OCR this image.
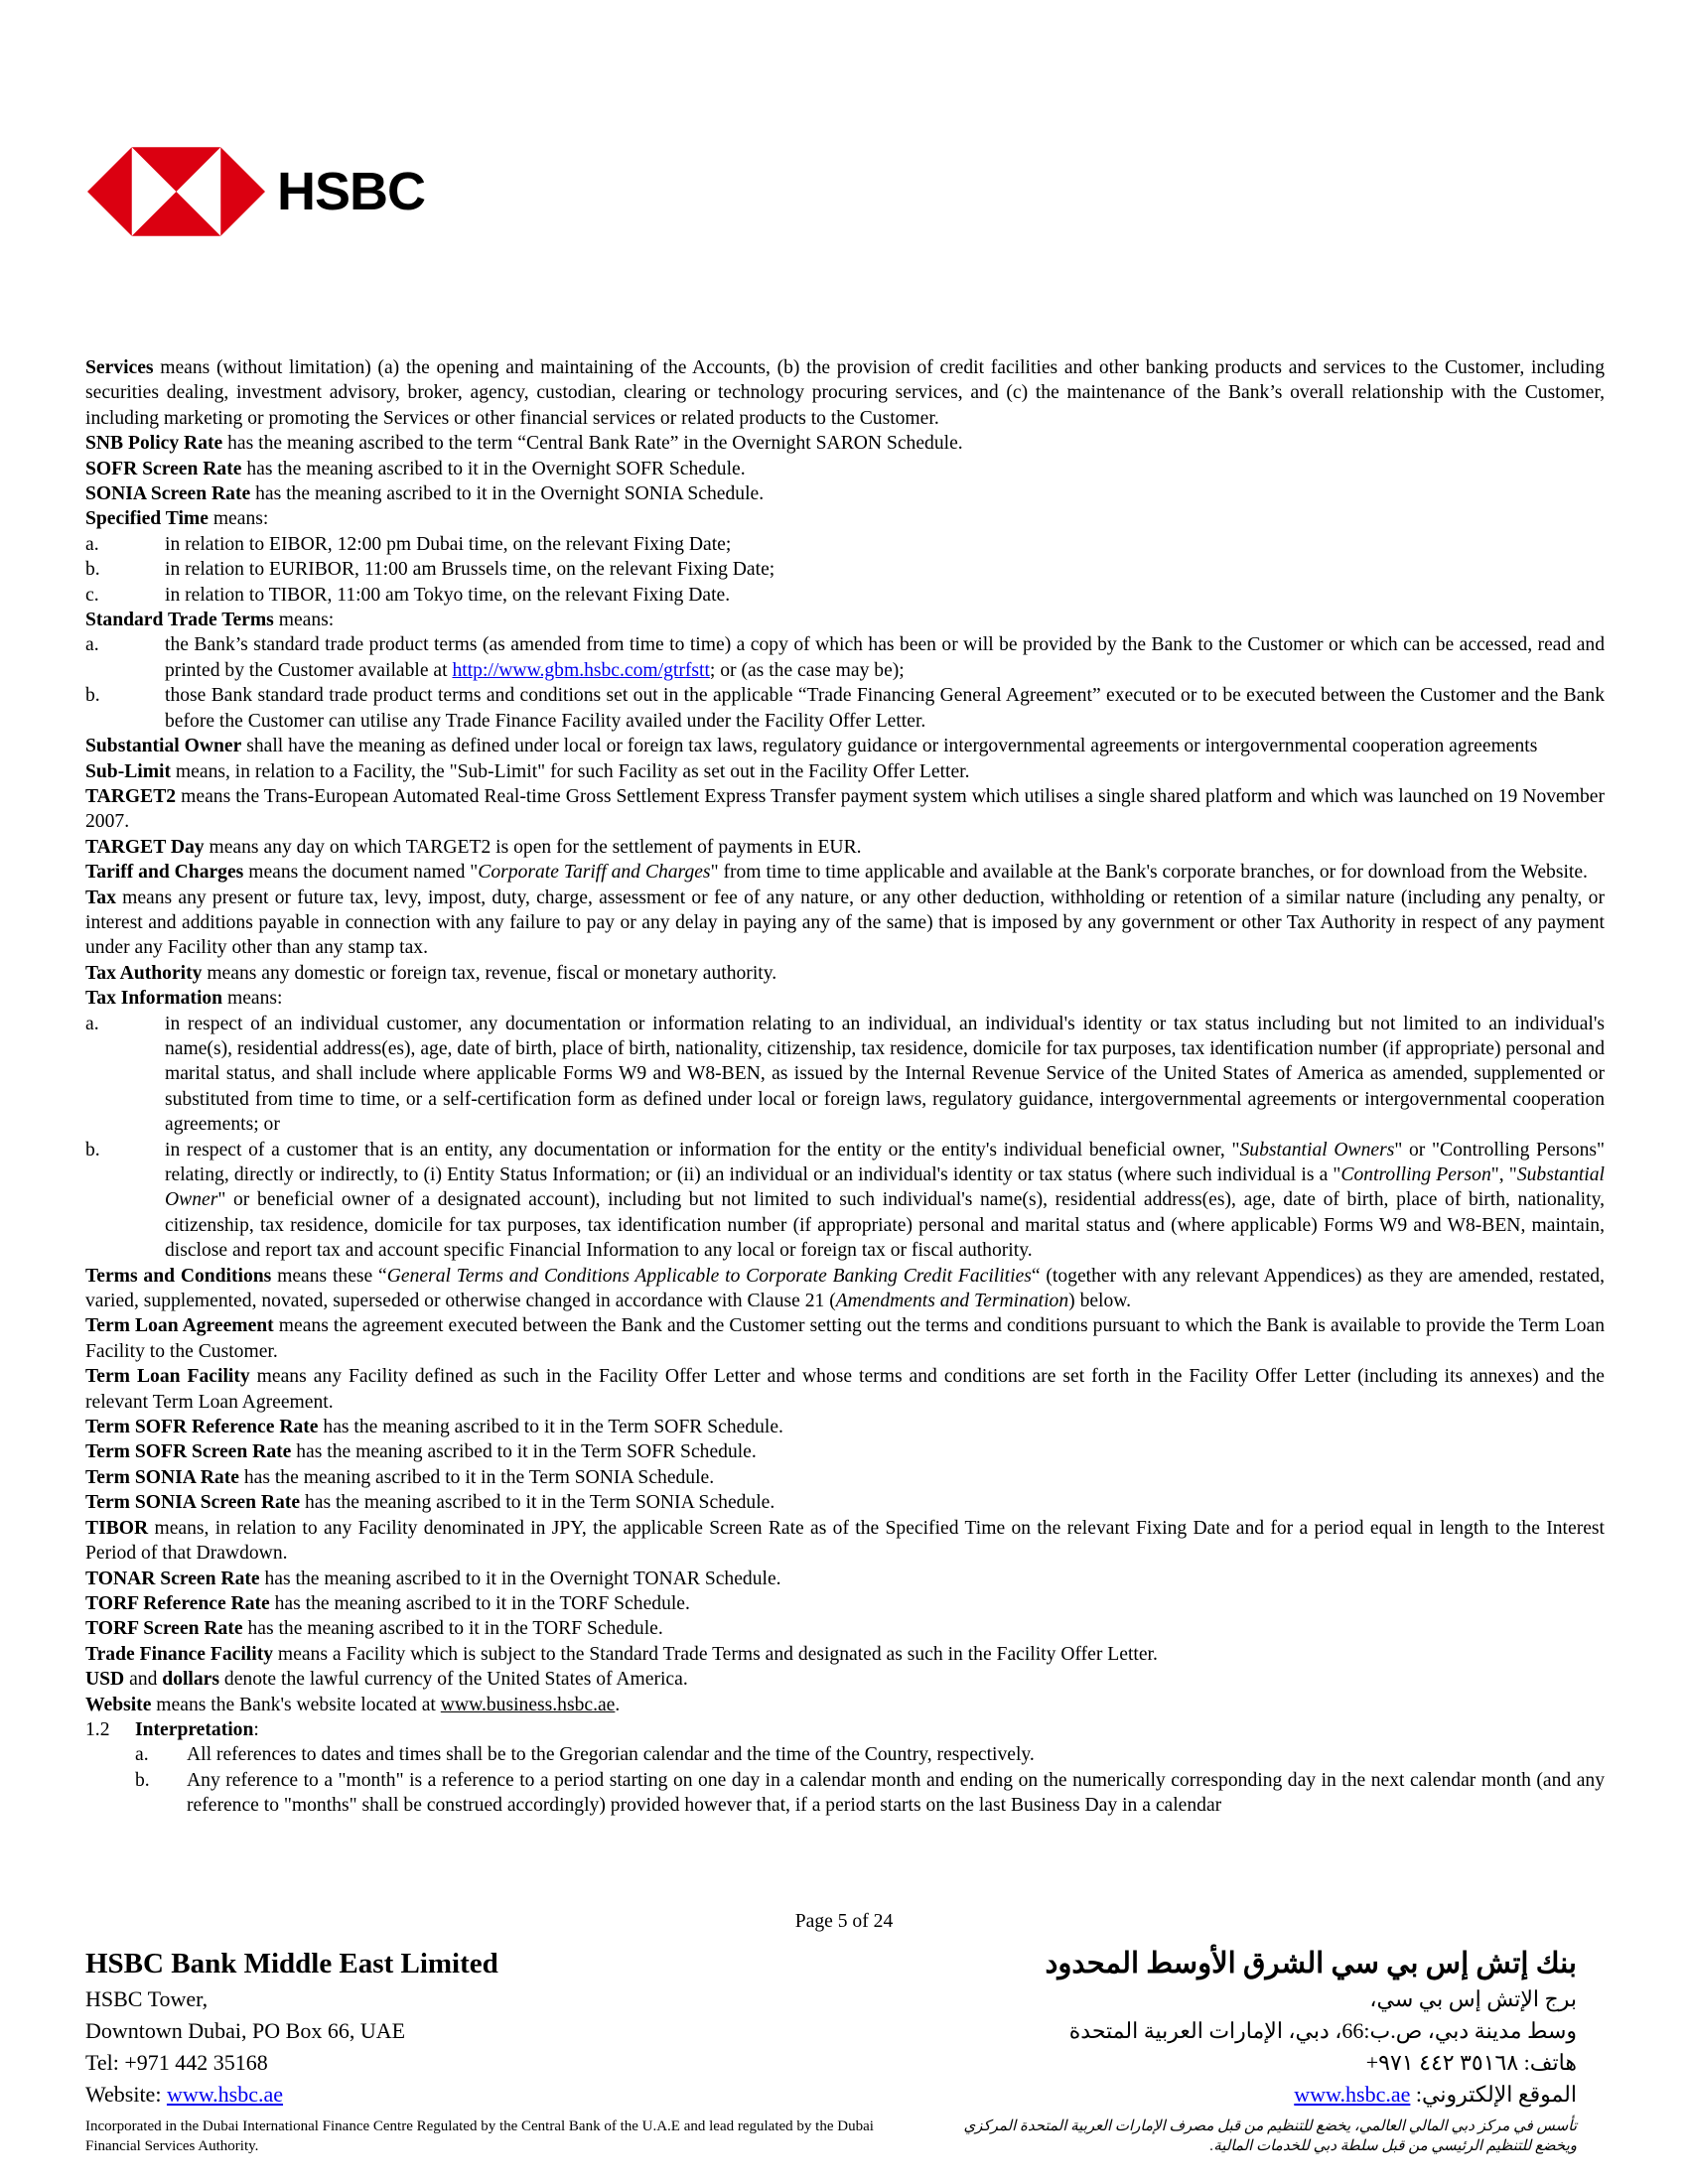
HSBC

Services means (without limitation) (a) the opening and maintaining of the Accounts, (b) the provision of credit facilities and other banking products and services to the Customer, including securities dealing, investment advisory, broker, agency, custodian, clearing or technology procuring services, and (c) the maintenance of the Bank’s overall relationship with the Customer, including marketing or promoting the Services or other financial services or related products to the Customer.

SNB Policy Rate has the meaning ascribed to the term “Central Bank Rate” in the Overnight SARON Schedule.

SOFR Screen Rate has the meaning ascribed to it in the Overnight SOFR Schedule.

SONIA Screen Rate has the meaning ascribed to it in the Overnight SONIA Schedule.

Specified Time means:

a.	in relation to EIBOR, 12:00 pm Dubai time, on the relevant Fixing Date;
b.	in relation to EURIBOR, 11:00 am Brussels time, on the relevant Fixing Date;
c.	in relation to TIBOR, 11:00 am Tokyo time, on the relevant Fixing Date.

Standard Trade Terms means:

a.	the Bank’s standard trade product terms (as amended from time to time) a copy of which has been or will be provided by the Bank to the Customer or which can be accessed, read and printed by the Customer available at http://www.gbm.hsbc.com/gtrfstt; or (as the case may be);
b.	those Bank standard trade product terms and conditions set out in the applicable “Trade Financing General Agreement” executed or to be executed between the Customer and the Bank before the Customer can utilise any Trade Finance Facility availed under the Facility Offer Letter.

Substantial Owner shall have the meaning as defined under local or foreign tax laws, regulatory guidance or intergovernmental agreements or intergovernmental cooperation agreements

Sub-Limit means, in relation to a Facility, the "Sub-Limit" for such Facility as set out in the Facility Offer Letter.

TARGET2 means the Trans-European Automated Real-time Gross Settlement Express Transfer payment system which utilises a single shared platform and which was launched on 19 November 2007.

TARGET Day means any day on which TARGET2 is open for the settlement of payments in EUR.

Tariff and Charges means the document named "Corporate Tariff and Charges" from time to time applicable and available at the Bank's corporate branches, or for download from the Website.

Tax means any present or future tax, levy, impost, duty, charge, assessment or fee of any nature, or any other deduction, withholding or retention of a similar nature (including any penalty, or interest and additions payable in connection with any failure to pay or any delay in paying any of the same) that is imposed by any government or other Tax Authority in respect of any payment under any Facility other than any stamp tax.

Tax Authority means any domestic or foreign tax, revenue, fiscal or monetary authority.

Tax Information means:

a.	in respect of an individual customer, any documentation or information relating to an individual, an individual's identity or tax status including but not limited to an individual's name(s), residential address(es), age, date of birth, place of birth, nationality, citizenship, tax residence, domicile for tax purposes, tax identification number (if appropriate) personal and marital status, and shall include where applicable Forms W9 and W8-BEN, as issued by the Internal Revenue Service of the United States of America as amended, supplemented or substituted from time to time, or a self-certification form as defined under local or foreign laws, regulatory guidance, intergovernmental agreements or intergovernmental cooperation agreements; or
b.	in respect of a customer that is an entity, any documentation or information for the entity or the entity's individual beneficial owner, "Substantial Owners" or "Controlling Persons" relating, directly or indirectly, to (i) Entity Status Information; or (ii) an individual or an individual's identity or tax status (where such individual is a "Controlling Person", "Substantial Owner" or beneficial owner of a designated account), including but not limited to such individual's name(s), residential address(es), age, date of birth, place of birth, nationality, citizenship, tax residence, domicile for tax purposes, tax identification number (if appropriate) personal and marital status and (where applicable) Forms W9 and W8-BEN, maintain, disclose and report tax and account specific Financial Information to any local or foreign tax or fiscal authority.

Terms and Conditions means these “General Terms and Conditions Applicable to Corporate Banking Credit Facilities“ (together with any relevant Appendices) as they are amended, restated, varied, supplemented, novated, superseded or otherwise changed in accordance with Clause 21 (Amendments and Termination) below.

Term Loan Agreement means the agreement executed between the Bank and the Customer setting out the terms and conditions pursuant to which the Bank is available to provide the Term Loan Facility to the Customer.

Term Loan Facility means any Facility defined as such in the Facility Offer Letter and whose terms and conditions are set forth in the Facility Offer Letter (including its annexes) and the relevant Term Loan Agreement.

Term SOFR Reference Rate has the meaning ascribed to it in the Term SOFR Schedule.

Term SOFR Screen Rate has the meaning ascribed to it in the Term SOFR Schedule.

Term SONIA Rate has the meaning ascribed to it in the Term SONIA Schedule.

Term SONIA Screen Rate has the meaning ascribed to it in the Term SONIA Schedule.

TIBOR means, in relation to any Facility denominated in JPY, the applicable Screen Rate as of the Specified Time on the relevant Fixing Date and for a period equal in length to the Interest Period of that Drawdown.

TONAR Screen Rate has the meaning ascribed to it in the Overnight TONAR Schedule.

TORF Reference Rate has the meaning ascribed to it in the TORF Schedule.

TORF Screen Rate has the meaning ascribed to it in the TORF Schedule.

Trade Finance Facility means a Facility which is subject to the Standard Trade Terms and designated as such in the Facility Offer Letter.

USD and dollars denote the lawful currency of the United States of America.

Website means the Bank's website located at www.business.hsbc.ae.

1.2	Interpretation:
a.	All references to dates and times shall be to the Gregorian calendar and the time of the Country, respectively.
b.	Any reference to a "month" is a reference to a period starting on one day in a calendar month and ending on the numerically corresponding day in the next calendar month (and any reference to "months" shall be construed accordingly) provided however that, if a period starts on the last Business Day in a calendar
Page 5 of 24
HSBC Bank Middle East Limited
HSBC Tower,
Downtown Dubai, PO Box 66, UAE
Tel: +971 442 35168
Website: www.hsbc.ae
بنك إتش إس بي سي الشرق الأوسط المحدود
برج الإتش إس بي سي،
وسط مدينة دبي، ص.ب:66، دبي، الإمارات العربية المتحدة
هاتف: ٣٥١٦٨ ٤٤٢ ٩٧١+
الموقع الإلكتروني: www.hsbc.ae
Incorporated in the Dubai International Finance Centre Regulated by the Central Bank of the U.A.E and lead regulated by the Dubai Financial Services Authority.
تأسس في مركز دبي المالي العالمي، يخضع للتنظيم من قبل مصرف الإمارات العربية المتحدة المركزي ويخضع للتنظيم الرئيسي من قبل سلطة دبي للخدمات المالية.
